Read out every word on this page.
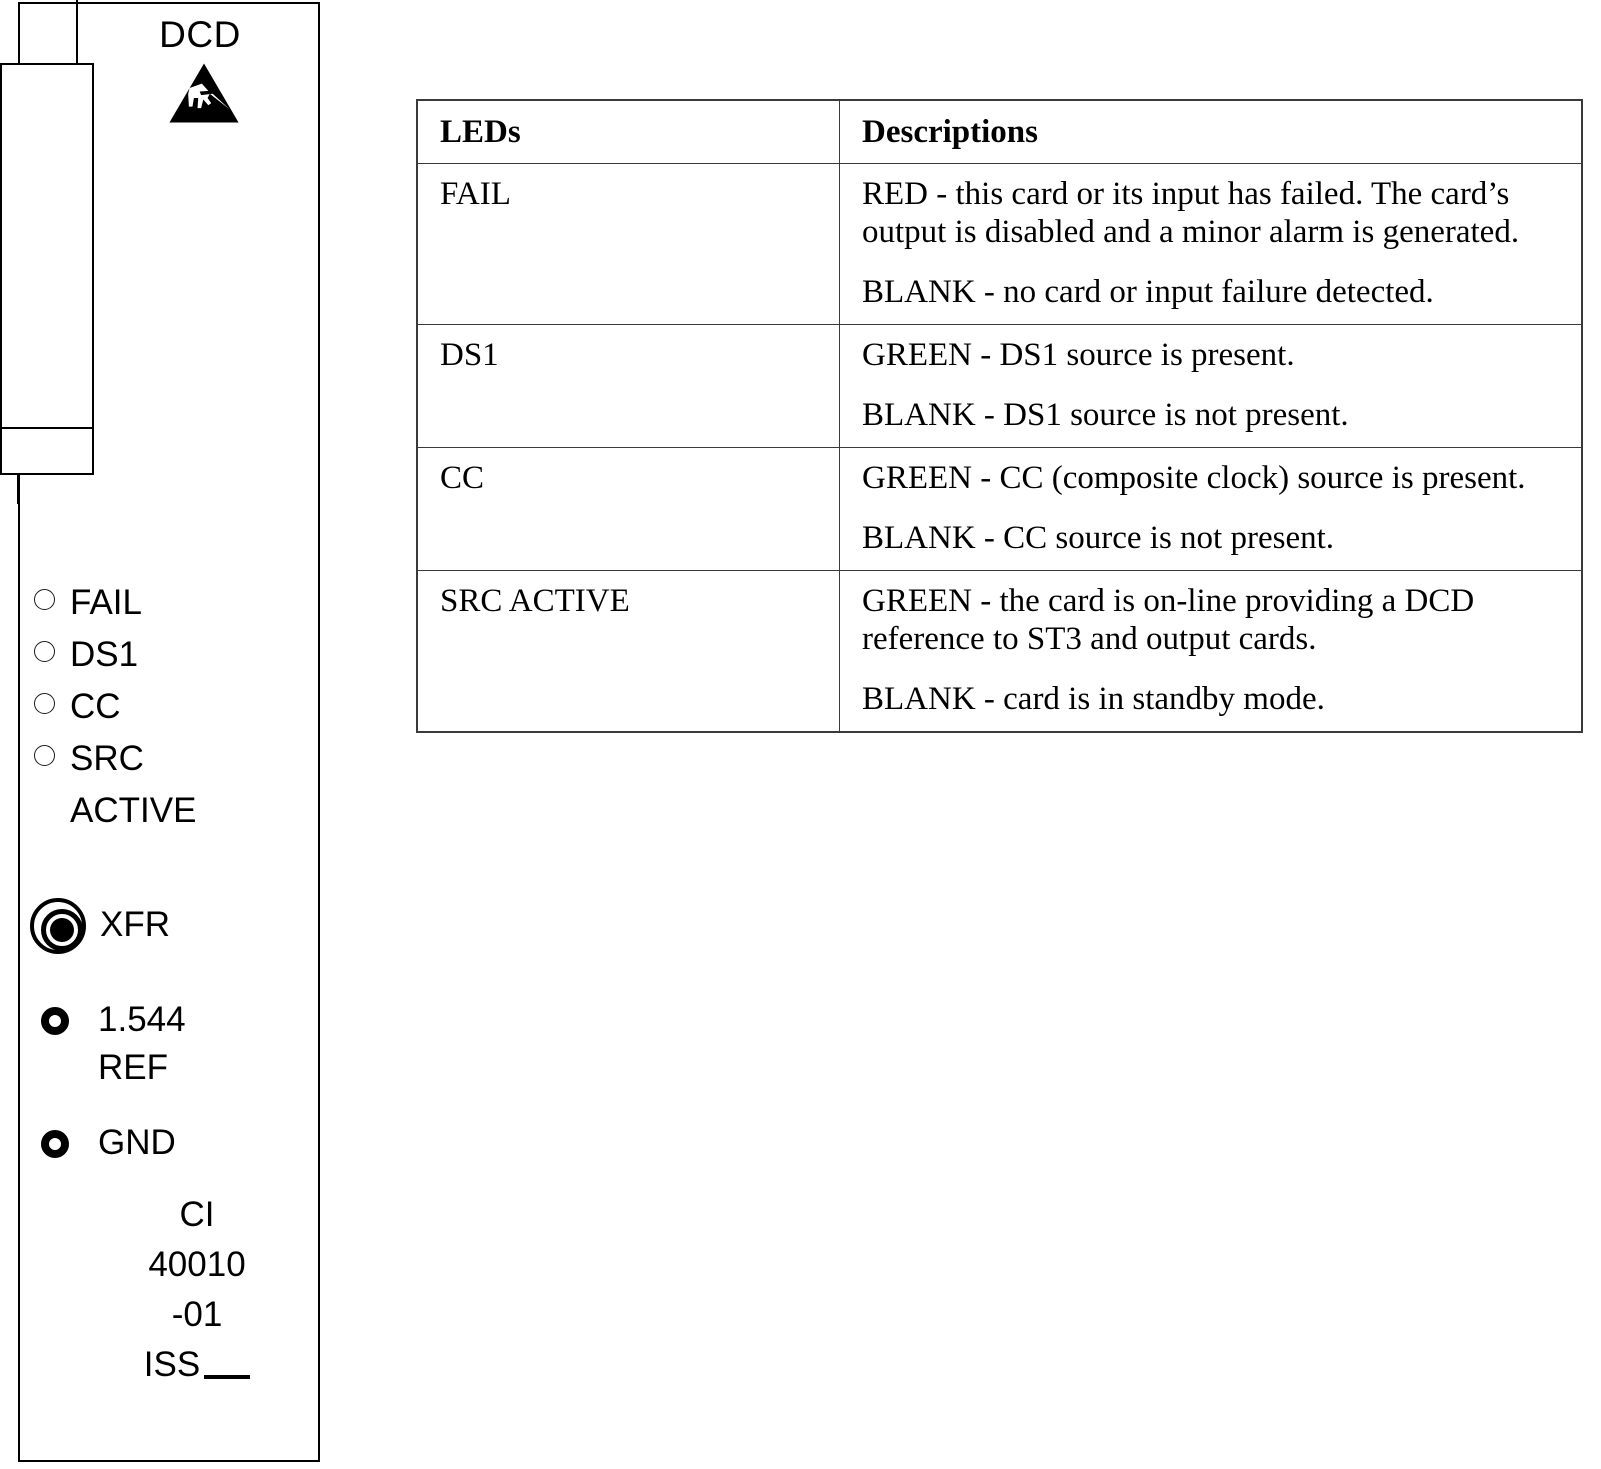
DCD
FAIL
DS1
CC
SRC
ACTIVE
XFR
1.544
REF
GND
CI
40010
-01
ISS
LEDs	Descriptions
FAIL	RED - this card or its input has failed. The card’s output is disabled and a minor alarm is generated.

BLANK - no card or input failure detected.

DS1	GREEN - DS1 source is present.

BLANK - DS1 source is not present.

CC	GREEN - CC (composite clock) source is present.

BLANK - CC source is not present.

SRC ACTIVE	GREEN - the card is on-line providing a DCD reference to ST3 and output cards.

BLANK - card is in standby mode.
